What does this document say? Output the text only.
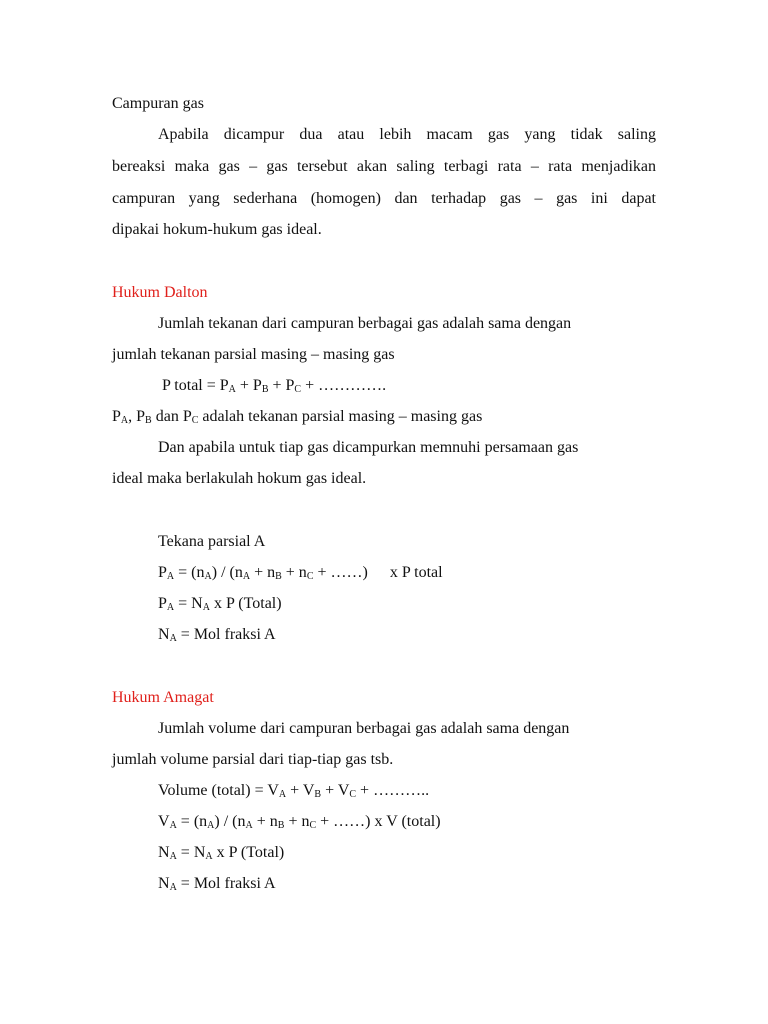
Campuran gas
Apabila dicampur dua atau lebih macam gas yang tidak saling
bereaksi maka gas – gas tersebut akan saling terbagi rata – rata menjadikan
campuran yang sederhana (homogen) dan terhadap gas – gas ini dapat
dipakai hokum-hukum gas ideal.
Hukum Dalton
Jumlah tekanan dari campuran berbagai gas adalah sama dengan
jumlah tekanan parsial masing – masing gas
P total = $P_A + P_B + P_C$ + ………….
$P_A$, $P_B$ dan $P_C$ adalah tekanan parsial masing – masing gas
Dan apabila untuk tiap gas dicampurkan memnuhi persamaan gas
ideal maka berlakulah hokum gas ideal.
Tekana parsial A
$P_A = (n_A) / (n_A + n_B + n_C$ + ……) x P total
$P_A = N_A$ x P (Total)
$N_A$ = Mol fraksi A
Hukum Amagat
Jumlah volume dari campuran berbagai gas adalah sama dengan
jumlah volume parsial dari tiap-tiap gas tsb.
Volume (total) = $V_A + V_B + V_C$ + ………..
$V_A = (n_A) / (n_A + n_B + n_C$ + ……) x V (total)
$N_A = N_A$ x P (Total)
$N_A$ = Mol fraksi A
